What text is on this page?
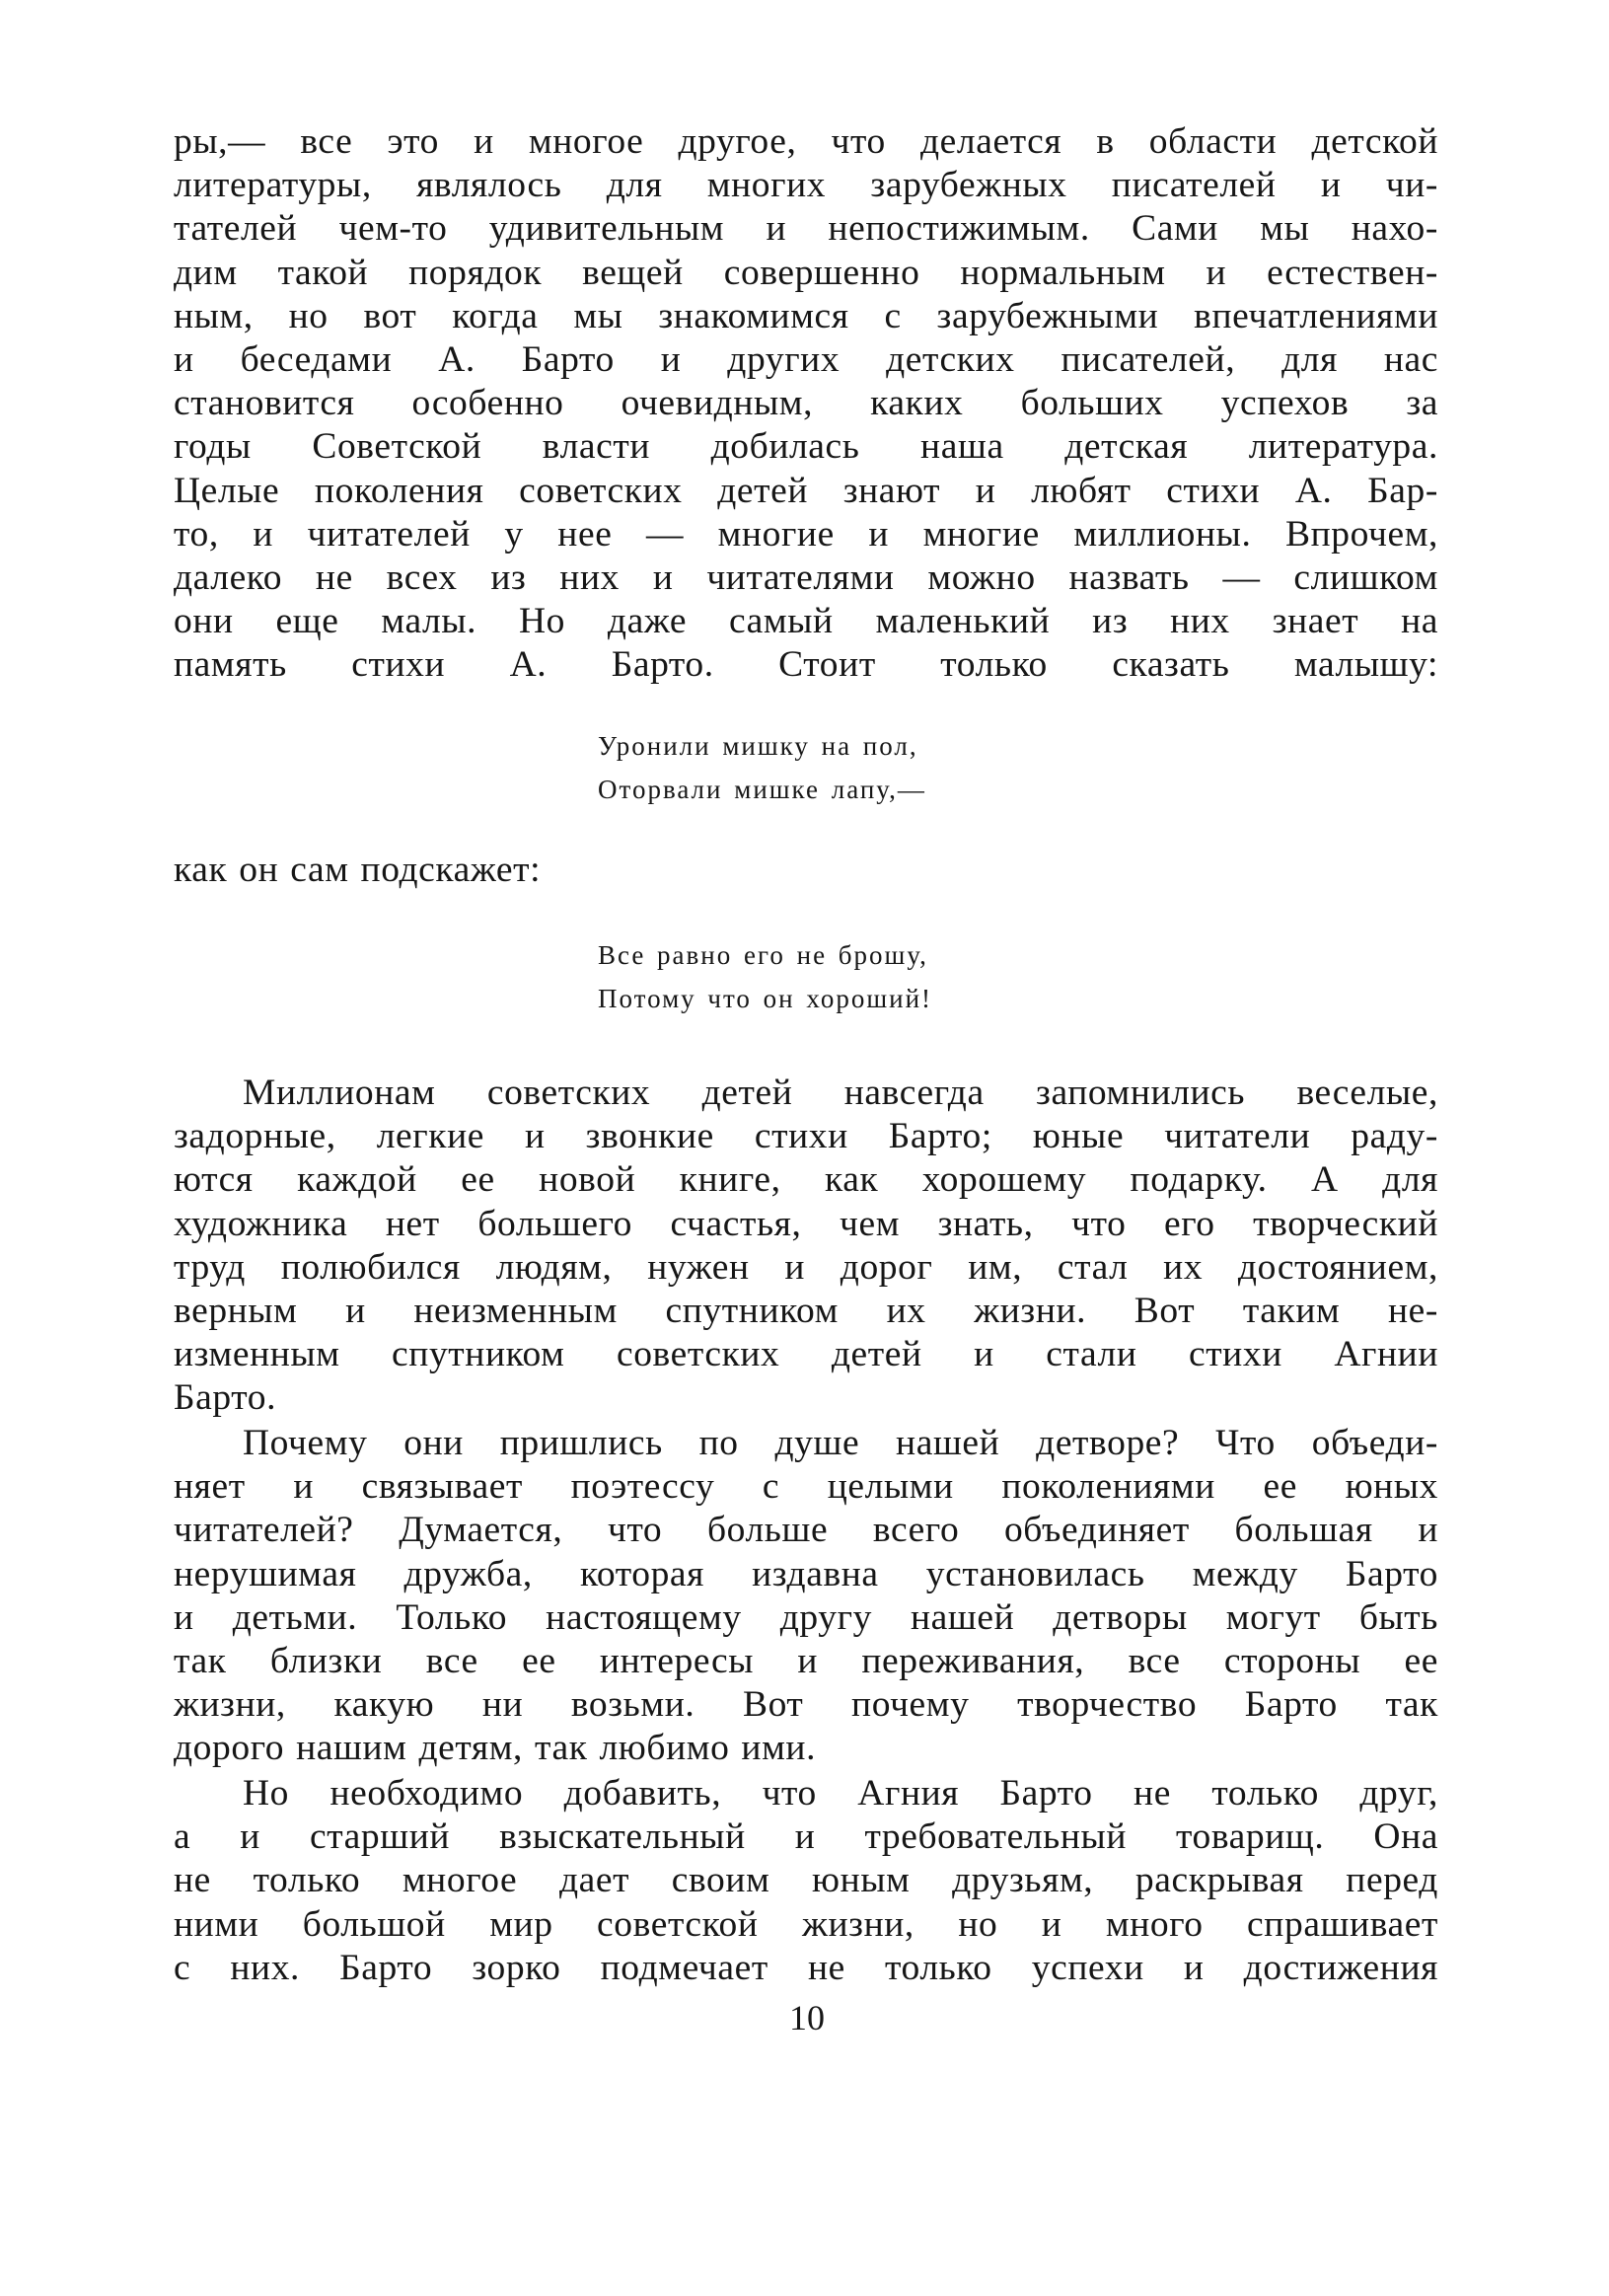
ры,— все это и многое другое, что делается в области детской
литературы, являлось для многих зарубежных писателей и чи-
тателей чем-то удивительным и непостижимым. Сами мы нахо-
дим такой порядок вещей совершенно нормальным и естествен-
ным, но вот когда мы знакомимся с зарубежными впечатлениями
и беседами А. Барто и других детских писателей, для нас
становится особенно очевидным, каких больших успехов за
годы Советской власти добилась наша детская литература.
Целые поколения советских детей знают и любят стихи А. Бар-
то, и читателей у нее — многие и многие миллионы. Впрочем,
далеко не всех из них и читателями можно назвать — слишком
они еще малы. Но даже самый маленький из них знает на
память стихи А. Барто. Стоит только сказать малышу:
Уронили мишку на пол,
Оторвали мишке лапу,—
как он сам подскажет:
Все равно его не брошу,
Потому что он хороший!
Миллионам советских детей навсегда запомнились веселые,
задорные, легкие и звонкие стихи Барто; юные читатели раду-
ются каждой ее новой книге, как хорошему подарку. А для
художника нет большего счастья, чем знать, что его творческий
труд полюбился людям, нужен и дорог им, стал их достоянием,
верным и неизменным спутником их жизни. Вот таким не-
изменным спутником советских детей и стали стихи Агнии
Барто.
Почему они пришлись по душе нашей детворе? Что объеди-
няет и связывает поэтессу с целыми поколениями ее юных
читателей? Думается, что больше всего объединяет большая и
нерушимая дружба, которая издавна установилась между Барто
и детьми. Только настоящему другу нашей детворы могут быть
так близки все ее интересы и переживания, все стороны ее
жизни, какую ни возьми. Вот почему творчество Барто так
дорого нашим детям, так любимо ими.
Но необходимо добавить, что Агния Барто не только друг,
а и старший взыскательный и требовательный товарищ. Она
не только многое дает своим юным друзьям, раскрывая перед
ними большой мир советской жизни, но и много спрашивает
с них. Барто зорко подмечает не только успехи и достижения
10
